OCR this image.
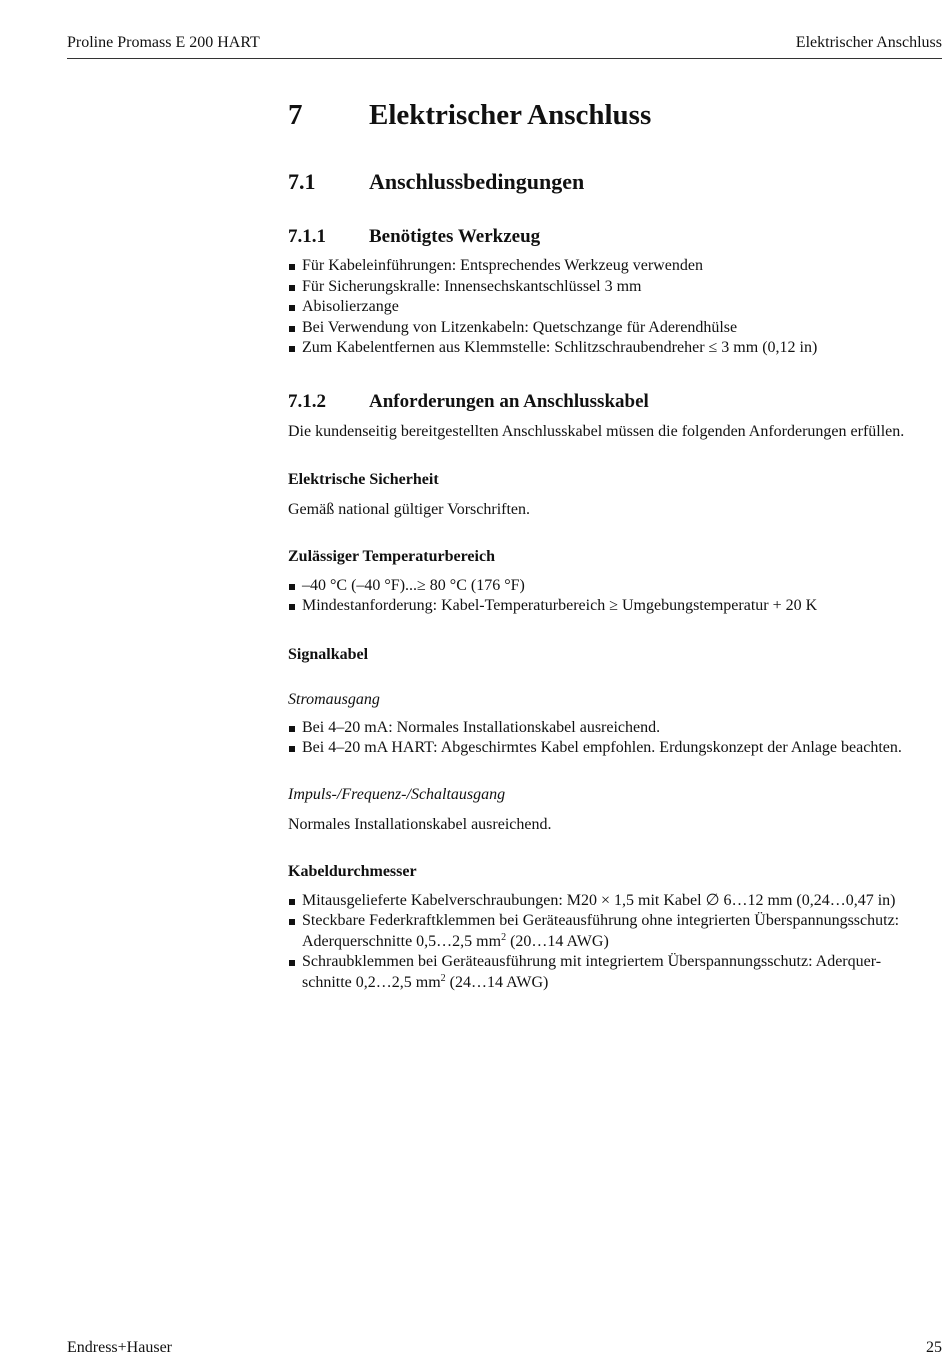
Proline Promass E 200 HART	Elektrischer Anschluss
7 Elektrischer Anschluss
7.1 Anschlussbedingungen
7.1.1 Benötigtes Werkzeug
Für Kabeleinführungen: Entsprechendes Werkzeug verwenden
Für Sicherungskralle: Innensechskantschlüssel 3 mm
Abisolierzange
Bei Verwendung von Litzenkabeln: Quetschzange für Aderendhülse
Zum Kabelentfernen aus Klemmstelle: Schlitzschraubendreher ≤ 3 mm (0,12 in)
7.1.2 Anforderungen an Anschlusskabel

Die kundenseitig bereitgestellten Anschlusskabel müssen die folgenden Anforderungen erfüllen.

Elektrische Sicherheit

Gemäß national gültiger Vorschriften.

Zulässiger Temperaturbereich
–40 °C (–40 °F)...≥ 80 °C (176 °F)
Mindestanforderung: Kabel-Temperaturbereich ≥ Umgebungstemperatur + 20 K
Signalkabel
Stromausgang
Bei 4–20 mA: Normales Installationskabel ausreichend.
Bei 4–20 mA HART: Abgeschirmtes Kabel empfohlen. Erdungskonzept der Anlage beachten.
Impuls-/Frequenz-/Schaltausgang

Normales Installationskabel ausreichend.

Kabeldurchmesser
Mitausgelieferte Kabelverschraubungen: M20 × 1,5 mit Kabel ∅ 6…12 mm (0,24…0,47 in)
Steckbare Federkraftklemmen bei Geräteausführung ohne integrierten Überspannungsschutz:
Aderquerschnitte 0,5…2,5 $mm^2$ (20…14 AWG)
Schraubklemmen bei Geräteausführung mit integriertem Überspannungsschutz: Aderquer-
schnitte 0,2…2,5 $mm^2$ (24…14 AWG)
Endress+Hauser	25
